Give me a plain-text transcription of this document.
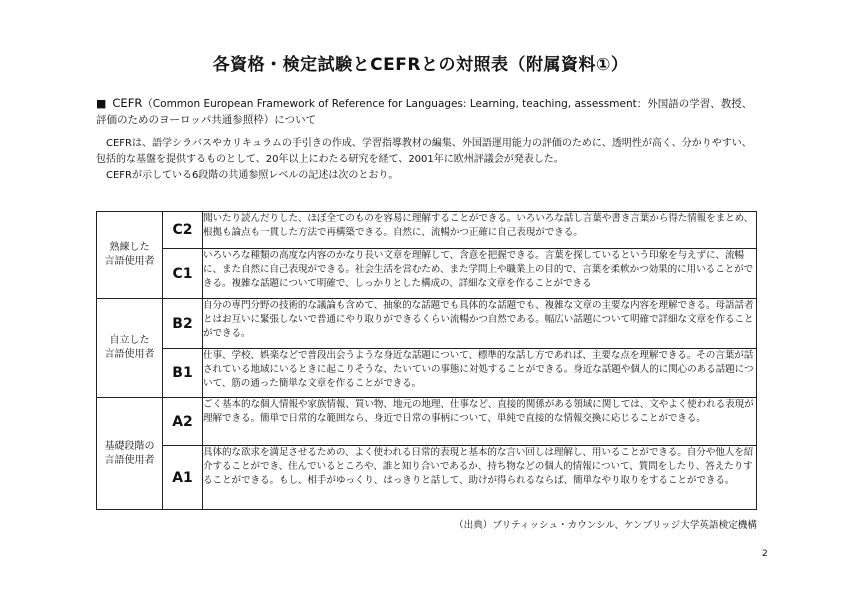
各資格・検定試験とCEFRとの対照表（附属資料①）
■ CEFR（Common European Framework of Reference for Languages: Learning, teaching, assessment：外国語の学習、教授、評価のためのヨーロッパ共通参照枠）について

CEFRは、語学シラバスやカリキュラムの手引きの作成、学習指導教材の編集、外国語運用能力の評価のために、透明性が高く、分かりやすい、包括的な基盤を提供するものとして、20年以上にわたる研究を経て、2001年に欧州評議会が発表した。

CEFRが示している6段階の共通参照レベルの記述は次のとおり。

熟練した
言語使用者	C2	聞いたり読んだりした、ほぼ全てのものを容易に理解することができる。いろいろな話し言葉や書き言葉から得た情報をまとめ、根拠も論点も一貫した方法で再構築できる。自然に、流暢かつ正確に自己表現ができる。
	C1	いろいろな種類の高度な内容のかなり長い文章を理解して、含意を把握できる。言葉を探しているという印象を与えずに、流暢に、また自然に自己表現ができる。社会生活を営むため、また学問上や職業上の目的で、言葉を柔軟かつ効果的に用いることができる。複雑な話題について明確で、しっかりとした構成の、詳細な文章を作ることができる
自立した
言語使用者	B2	自分の専門分野の技術的な議論も含めて、抽象的な話題でも具体的な話題でも、複雑な文章の主要な内容を理解できる。母語話者とはお互いに緊張しないで普通にやり取りができるくらい流暢かつ自然である。幅広い話題について明確で詳細な文章を作ることができる。
	B1	仕事、学校、娯楽などで普段出会うような身近な話題について、標準的な話し方であれば、主要な点を理解できる。その言葉が話されている地域にいるときに起こりそうな、たいていの事態に対処することができる。身近な話題や個人的に関心のある話題について、筋の通った簡単な文章を作ることができる。
基礎段階の
言語使用者	A2	ごく基本的な個人情報や家族情報、買い物、地元の地理、仕事など、直接的関係がある領域に関しては、文やよく使われる表現が理解できる。簡単で日常的な範囲なら、身近で日常の事柄について、単純で直接的な情報交換に応じることができる。
	A1	具体的な欲求を満足させるための、よく使われる日常的表現と基本的な言い回しは理解し、用いることができる。自分や他人を紹介することができ、住んでいるところや、誰と知り合いであるか、持ち物などの個人的情報について、質問をしたり、答えたりすることができる。もし、相手がゆっくり、はっきりと話して、助けが得られるならば、簡単なやり取りをすることができる。
（出典）ブリティッシュ・カウンシル、ケンブリッジ大学英語検定機構
2
